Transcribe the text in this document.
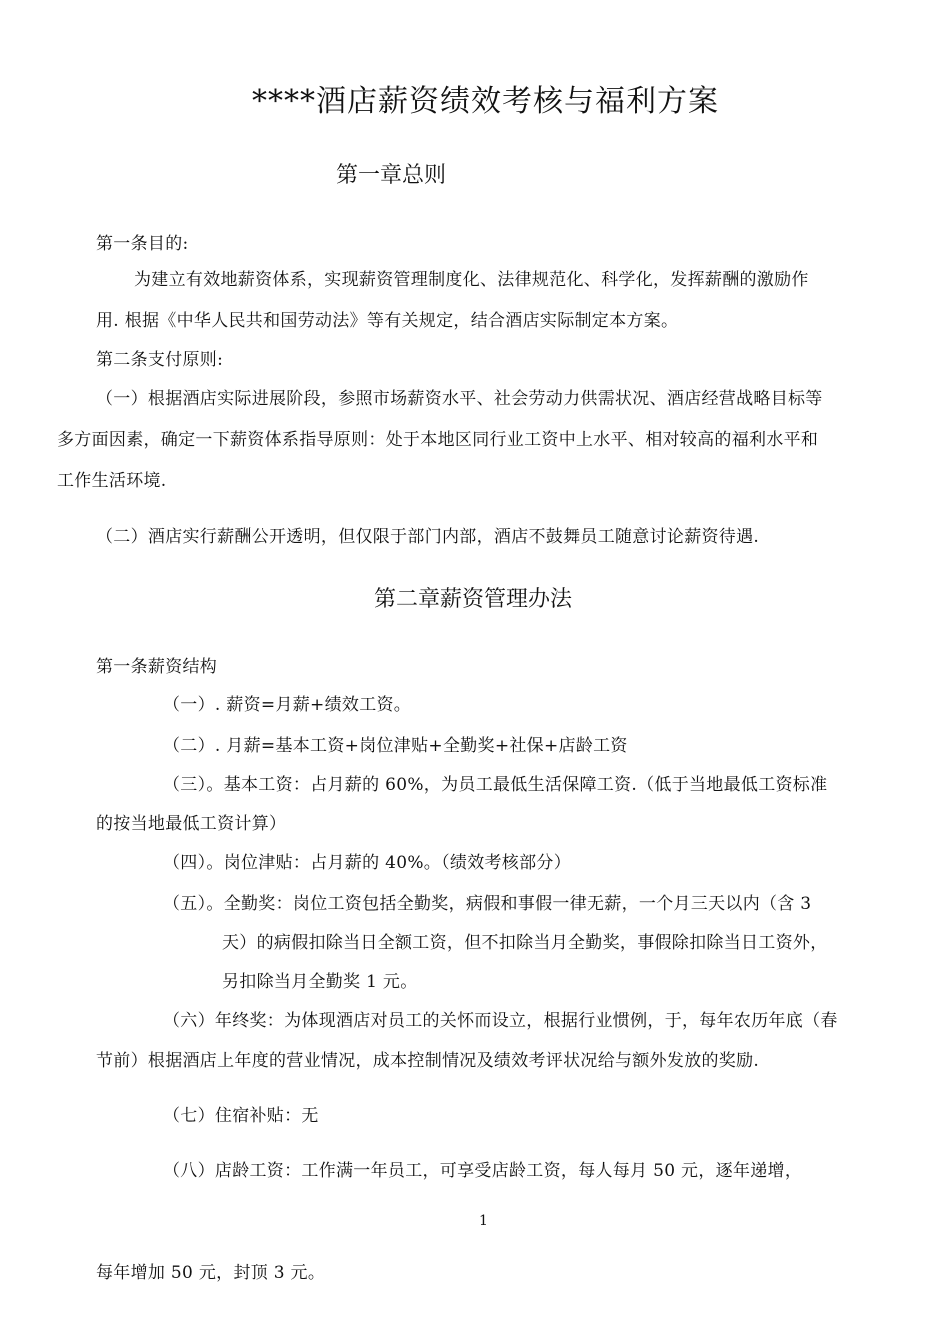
****酒店薪资绩效考核与福利方案
第一章总则
第一条目的:
为建立有效地薪资体系，实现薪资管理制度化、法律规范化、科学化，发挥薪酬的激励作
用. 根据《中华人民共和国劳动法》等有关规定，结合酒店实际制定本方案。
第二条支付原则:
（一）根据酒店实际进展阶段，参照市场薪资水平、社会劳动力供需状况、酒店经营战略目标等
多方面因素，确定一下薪资体系指导原则：处于本地区同行业工资中上水平、相对较高的福利水平和
工作生活环境.
（二）酒店实行薪酬公开透明，但仅限于部门内部，酒店不鼓舞员工随意讨论薪资待遇.
第二章薪资管理办法
第一条薪资结构
（一）. 薪资=月薪+绩效工资。
（二）. 月薪=基本工资+岗位津贴+全勤奖+社保+店龄工资
（三）。基本工资：占月薪的 60%，为员工最低生活保障工资.（低于当地最低工资标准
的按当地最低工资计算）
（四）。岗位津贴：占月薪的 40%。（绩效考核部分）
（五）。全勤奖：岗位工资包括全勤奖，病假和事假一律无薪，一个月三天以内（含 3
天）的病假扣除当日全额工资，但不扣除当月全勤奖，事假除扣除当日工资外，
另扣除当月全勤奖 1 元。
（六）年终奖：为体现酒店对员工的关怀而设立，根据行业惯例，于，每年农历年底（春
节前）根据酒店上年度的营业情况，成本控制情况及绩效考评状况给与额外发放的奖励.
（七）住宿补贴：无
（八）店龄工资：工作满一年员工，可享受店龄工资，每人每月 50 元，逐年递增，
1
每年增加 50 元，封顶 3 元。
